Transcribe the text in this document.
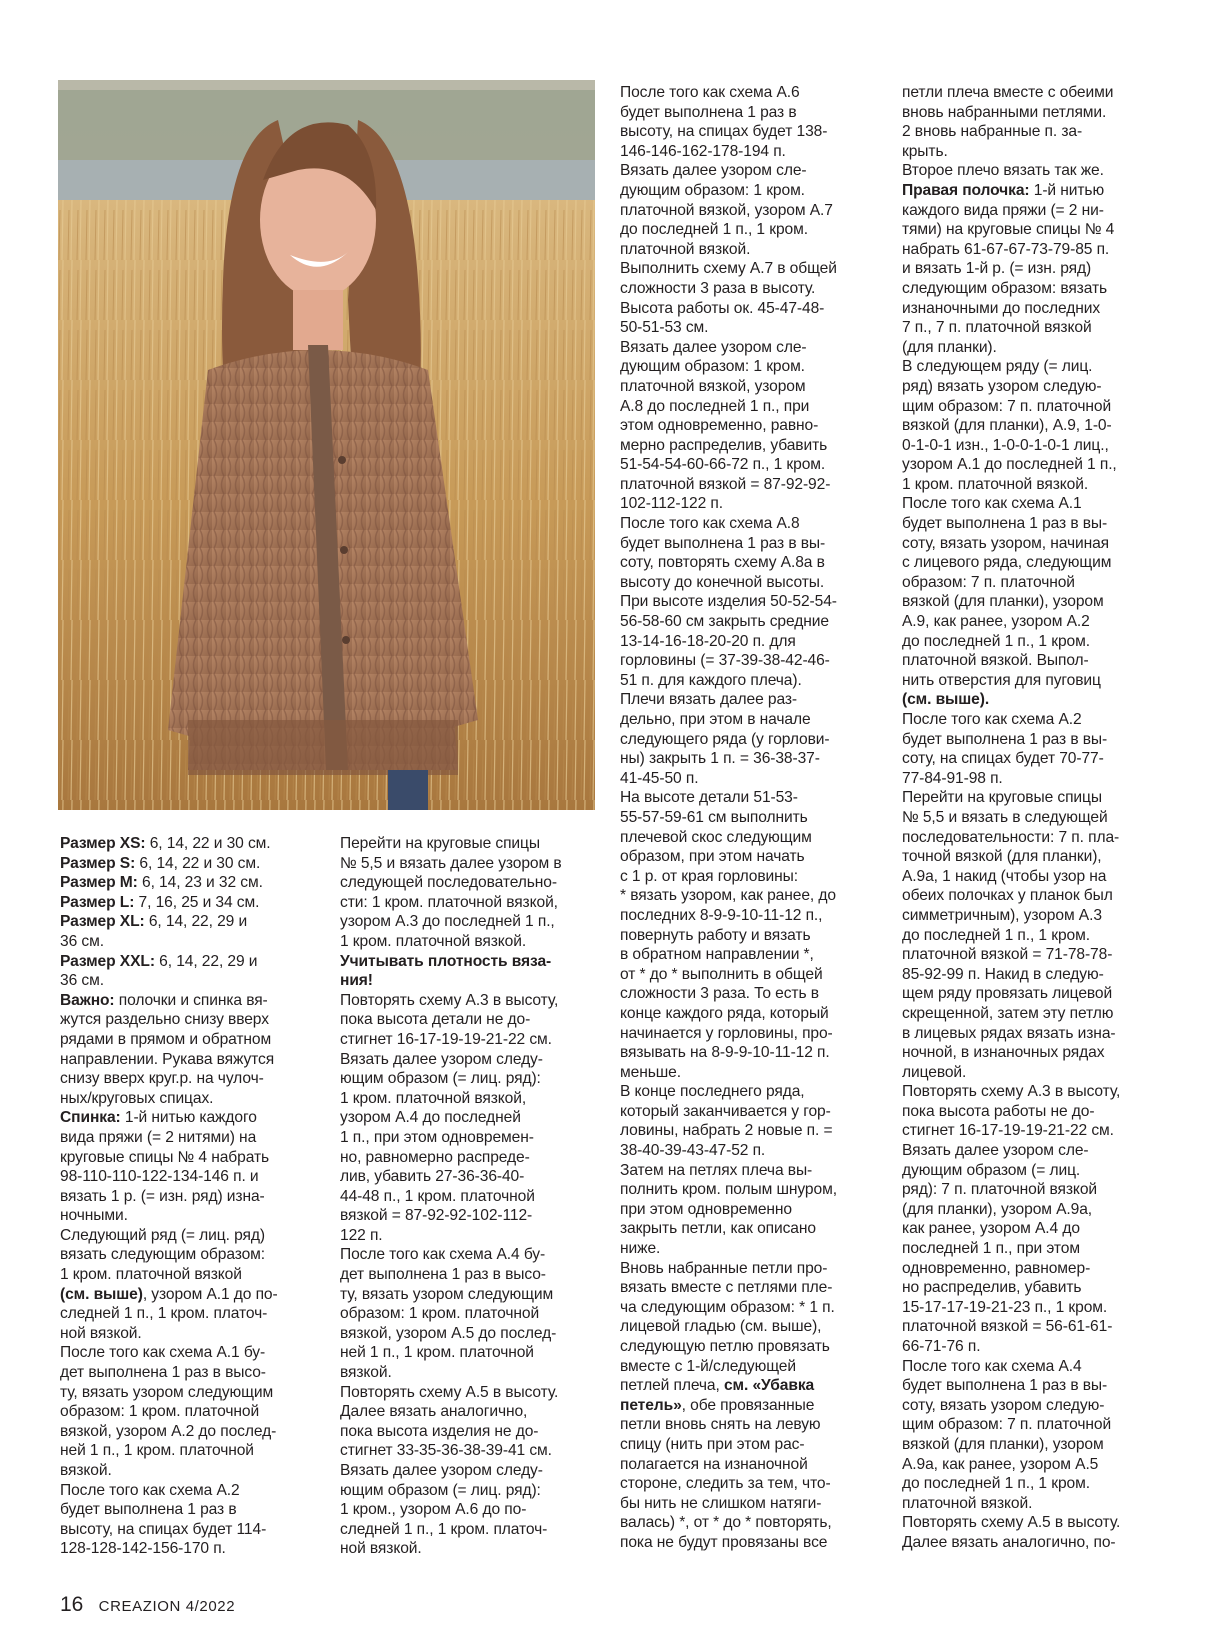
Размер XS: 6, 14, 22 и 30 см.

Размер S: 6, 14, 22 и 30 см.

Размер M: 6, 14, 23 и 32 см.

Размер L: 7, 16, 25 и 34 см.

Размер XL: 6, 14, 22, 29 и
36 см.

Размер XXL: 6, 14, 22, 29 и
36 см.

Важно: полочки и спинка вя-
жутся раздельно снизу вверх
рядами в прямом и обратном
направлении. Рукава вяжутся
снизу вверх круг.р. на чулоч-
ных/круговых спицах.

Спинка: 1-й нитью каждого
вида пряжи (= 2 нитями) на
круговые спицы № 4 набрать
98-110-110-122-134-146 п. и
вязать 1 р. (= изн. ряд) изна-
ночными.

Следующий ряд (= лиц. ряд)
вязать следующим образом:
1 кром. платочной вязкой
(см. выше), узором А.1 до по-
следней 1 п., 1 кром. платоч-
ной вязкой.

После того как схема А.1 бу-
дет выполнена 1 раз в высо-
ту, вязать узором следующим
образом: 1 кром. платочной
вязкой, узором А.2 до послед-
ней 1 п., 1 кром. платочной
вязкой.

После того как схема А.2
будет выполнена 1 раз в
высоту, на спицах будет 114-
128-128-142-156-170 п.

Перейти на круговые спицы
№ 5,5 и вязать далее узором в
следующей последовательно-
сти: 1 кром. платочной вязкой,
узором А.3 до последней 1 п.,
1 кром. платочной вязкой.

Учитывать плотность вяза-
ния!

Повторять схему А.3 в высоту,
пока высота детали не до-
стигнет 16-17-19-19-21-22 см.
Вязать далее узором следу-
ющим образом (= лиц. ряд):
1 кром. платочной вязкой,
узором А.4 до последней
1 п., при этом одновремен-
но, равномерно распреде-
лив, убавить 27-36-36-40-
44-48 п., 1 кром. платочной
вязкой = 87-92-92-102-112-
122 п.

После того как схема А.4 бу-
дет выполнена 1 раз в высо-
ту, вязать узором следующим
образом: 1 кром. платочной
вязкой, узором А.5 до послед-
ней 1 п., 1 кром. платочной
вязкой.

Повторять схему А.5 в высоту.
Далее вязать аналогично,
пока высота изделия не до-
стигнет 33-35-36-38-39-41 см.
Вязать далее узором следу-
ющим образом (= лиц. ряд):
1 кром., узором А.6 до по-
следней 1 п., 1 кром. платоч-
ной вязкой.

После того как схема А.6
будет выполнена 1 раз в
высоту, на спицах будет 138-
146-146-162-178-194 п.
Вязать далее узором сле-
дующим образом: 1 кром.
платочной вязкой, узором А.7
до последней 1 п., 1 кром.
платочной вязкой.

Выполнить схему А.7 в общей
сложности 3 раза в высоту.
Высота работы ок. 45-47-48-
50-51-53 см.

Вязать далее узором сле-
дующим образом: 1 кром.
платочной вязкой, узором
А.8 до последней 1 п., при
этом одновременно, равно-
мерно распределив, убавить
51-54-54-60-66-72 п., 1 кром.
платочной вязкой = 87-92-92-
102-112-122 п.

После того как схема А.8
будет выполнена 1 раз в вы-
соту, повторять схему А.8а в
высоту до конечной высоты.
При высоте изделия 50-52-54-
56-58-60 см закрыть средние
13-14-16-18-20-20 п. для
горловины (= 37-39-38-42-46-
51 п. для каждого плеча).
Плечи вязать далее раз-
дельно, при этом в начале
следующего ряда (у горлови-
ны) закрыть 1 п. = 36-38-37-
41-45-50 п.

На высоте детали 51-53-
55-57-59-61 см выполнить
плечевой скос следующим
образом, при этом начать
с 1 р. от края горловины:
* вязать узором, как ранее, до
последних 8-9-9-10-11-12 п.,
повернуть работу и вязать
в обратном направлении *,
от * до * выполнить в общей
сложности 3 раза. То есть в
конце каждого ряда, который
начинается у горловины, про-
вязывать на 8-9-9-10-11-12 п.
меньше.

В конце последнего ряда,
который заканчивается у гор-
ловины, набрать 2 новые п. =
38-40-39-43-47-52 п.

Затем на петлях плеча вы-
полнить кром. полым шнуром,
при этом одновременно
закрыть петли, как описано
ниже.

Вновь набранные петли про-
вязать вместе с петлями пле-
ча следующим образом: * 1 п.
лицевой гладью (см. выше),
следующую петлю провязать
вместе с 1-й/следующей
петлей плеча, см. «Убавка
петель», обе провязанные
петли вновь снять на левую
спицу (нить при этом рас-
полагается на изнаночной
стороне, следить за тем, что-
бы нить не слишком натяги-
валась) *, от * до * повторять,
пока не будут провязаны все

петли плеча вместе с обеими
вновь набранными петлями.
2 вновь набранные п. за-
крыть.

Второе плечо вязать так же.

Правая полочка: 1-й нитью
каждого вида пряжи (= 2 ни-
тями) на круговые спицы № 4
набрать 61-67-67-73-79-85 п.
и вязать 1-й р. (= изн. ряд)
следующим образом: вязать
изнаночными до последних
7 п., 7 п. платочной вязкой
(для планки).

В следующем ряду (= лиц.
ряд) вязать узором следую-
щим образом: 7 п. платочной
вязкой (для планки), А.9, 1-0-
0-1-0-1 изн., 1-0-0-1-0-1 лиц.,
узором А.1 до последней 1 п.,
1 кром. платочной вязкой.

После того как схема А.1
будет выполнена 1 раз в вы-
соту, вязать узором, начиная
с лицевого ряда, следующим
образом: 7 п. платочной
вязкой (для планки), узором
А.9, как ранее, узором А.2
до последней 1 п., 1 кром.
платочной вязкой. Выпол-
нить отверстия для пуговиц
(см. выше).

После того как схема А.2
будет выполнена 1 раз в вы-
соту, на спицах будет 70-77-
77-84-91-98 п.

Перейти на круговые спицы
№ 5,5 и вязать в следующей
последовательности: 7 п. пла-
точной вязкой (для планки),
А.9а, 1 накид (чтобы узор на
обеих полочках у планок был
симметричным), узором А.3
до последней 1 п., 1 кром.
платочной вязкой = 71-78-78-
85-92-99 п. Накид в следую-
щем ряду провязать лицевой
скрещенной, затем эту петлю
в лицевых рядах вязать изна-
ночной, в изнаночных рядах
лицевой.

Повторять схему А.3 в высоту,
пока высота работы не до-
стигнет 16-17-19-19-21-22 см.
Вязать далее узором сле-
дующим образом (= лиц.
ряд): 7 п. платочной вязкой
(для планки), узором А.9а,
как ранее, узором А.4 до
последней 1 п., при этом
одновременно, равномер-
но распределив, убавить
15-17-17-19-21-23 п., 1 кром.
платочной вязкой = 56-61-61-
66-71-76 п.

После того как схема А.4
будет выполнена 1 раз в вы-
соту, вязать узором следую-
щим образом: 7 п. платочной
вязкой (для планки), узором
А.9а, как ранее, узором А.5
до последней 1 п., 1 кром.
платочной вязкой.

Повторять схему А.5 в высоту.
Далее вязать аналогично, по-

16 CREAZION 4/2022
